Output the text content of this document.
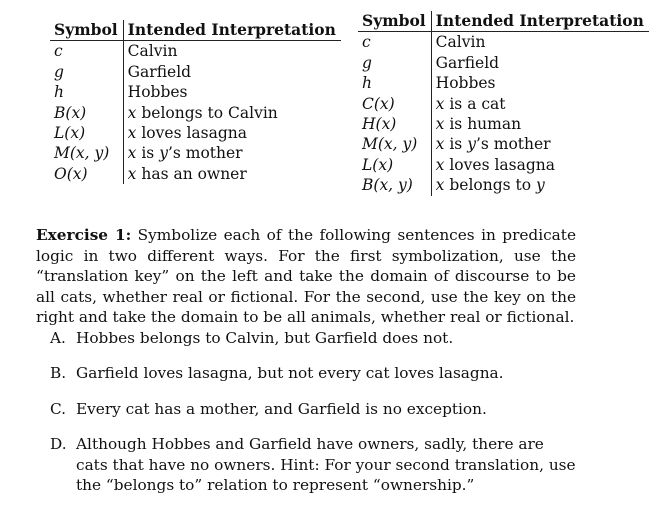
Symbol	Intended Interpretation
c	Calvin
g	Garfield
h	Hobbes
B(x)	x belongs to Calvin
L(x)	x loves lasagna
M(x, y)	x is y’s mother
O(x)	x has an owner
Symbol	Intended Interpretation
c	Calvin
g	Garfield
h	Hobbes
C(x)	x is a cat
H(x)	x is human
M(x, y)	x is y’s mother
L(x)	x loves lasagna
B(x, y)	x belongs to y

Exercise 1: Symbolize each of the following sentences in predicate logic in two different ways. For the first symbolization, use the “translation key” on the left and take the domain of discourse to be all cats, whether real or fictional. For the second, use the key on the right and take the domain to be all animals, whether real or fictional.

A. Hobbes belongs to Calvin, but Garfield does not.
B. Garfield loves lasagna, but not every cat loves lasagna.
C. Every cat has a mother, and Garfield is no exception.
D. Although Hobbes and Garfield have owners, sadly, there are cats that have no owners. Hint: For your second translation, use the “belongs to” relation to represent “ownership.”
